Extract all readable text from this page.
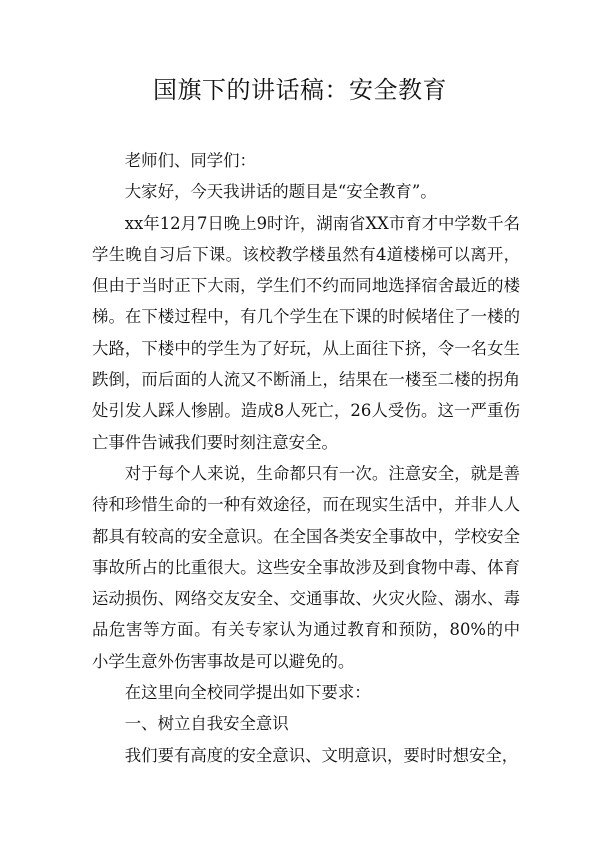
国旗下的讲话稿：安全教育

老师们、同学们：

大家好，今天我讲话的题目是“安全教育”。

xx年12月7日晚上9时许，湖南省XX市育才中学数千名学生晚自习后下课。该校教学楼虽然有4道楼梯可以离开，但由于当时正下大雨，学生们不约而同地选择宿舍最近的楼梯。在下楼过程中，有几个学生在下课的时候堵住了一楼的大路，下楼中的学生为了好玩，从上面往下挤，令一名女生跌倒，而后面的人流又不断涌上，结果在一楼至二楼的拐角处引发人踩人惨剧。造成8人死亡，26人受伤。这一严重伤亡事件告诫我们要时刻注意安全。

对于每个人来说，生命都只有一次。注意安全，就是善待和珍惜生命的一种有效途径，而在现实生活中，并非人人都具有较高的安全意识。在全国各类安全事故中，学校安全事故所占的比重很大。这些安全事故涉及到食物中毒、体育运动损伤、网络交友安全、交通事故、火灾火险、溺水、毒品危害等方面。有关专家认为通过教育和预防，80%的中小学生意外伤害事故是可以避免的。

在这里向全校同学提出如下要求：

一、树立自我安全意识

我们要有高度的安全意识、文明意识，要时时想安全，
